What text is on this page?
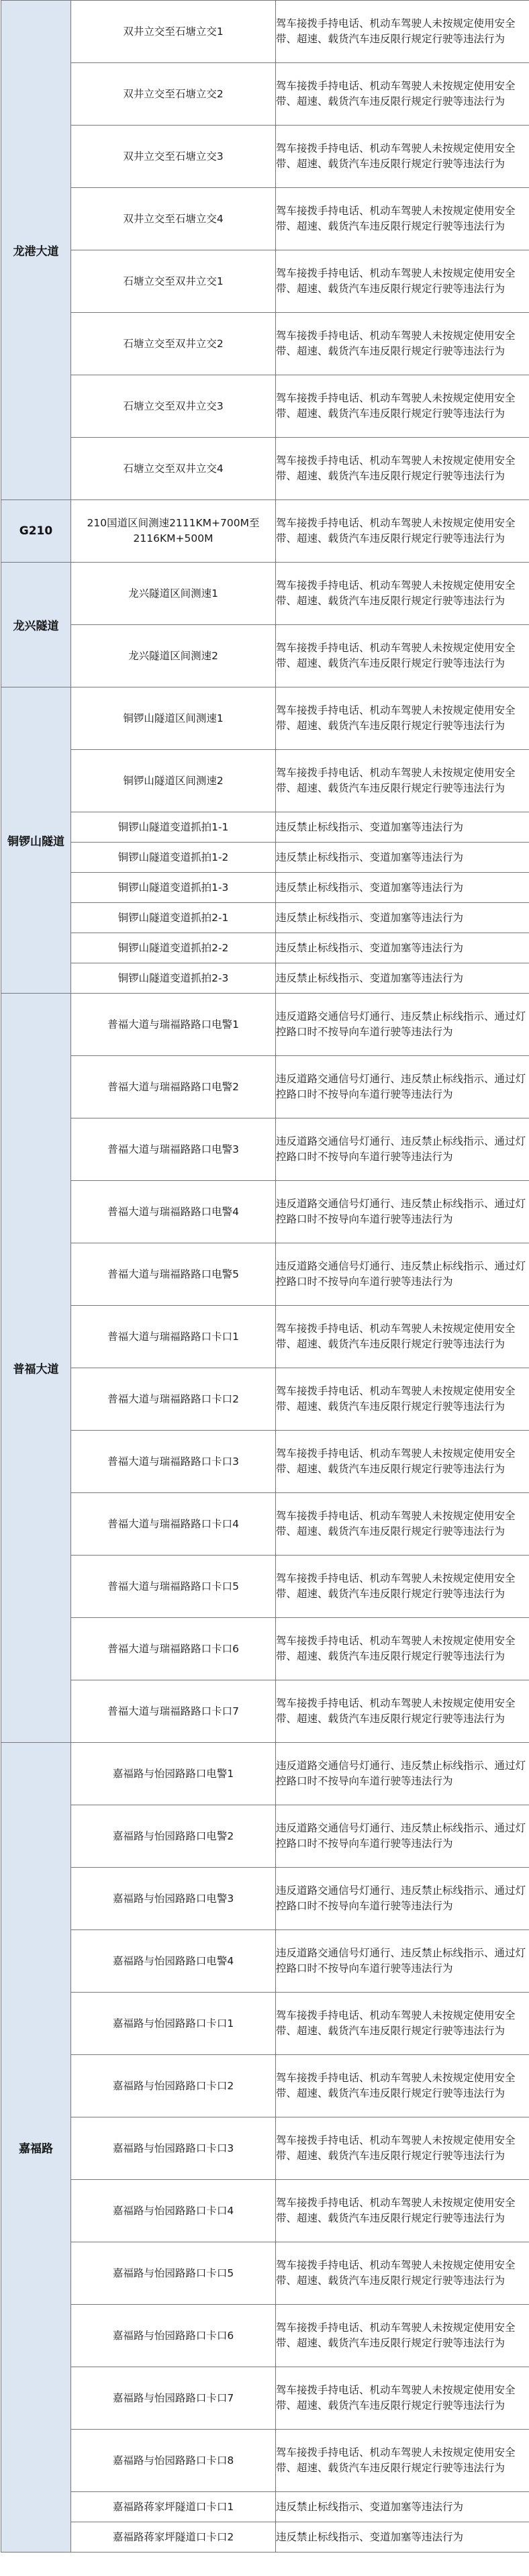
龙港大道	双井立交至石塘立交1	驾车接拨手持电话、机动车驾驶人未按规定使用安全带、超速、载货汽车违反限行规定行驶等违法行为
	双井立交至石塘立交2	驾车接拨手持电话、机动车驾驶人未按规定使用安全带、超速、载货汽车违反限行规定行驶等违法行为
	双井立交至石塘立交3	驾车接拨手持电话、机动车驾驶人未按规定使用安全带、超速、载货汽车违反限行规定行驶等违法行为
	双井立交至石塘立交4	驾车接拨手持电话、机动车驾驶人未按规定使用安全带、超速、载货汽车违反限行规定行驶等违法行为
	石塘立交至双井立交1	驾车接拨手持电话、机动车驾驶人未按规定使用安全带、超速、载货汽车违反限行规定行驶等违法行为
	石塘立交至双井立交2	驾车接拨手持电话、机动车驾驶人未按规定使用安全带、超速、载货汽车违反限行规定行驶等违法行为
	石塘立交至双井立交3	驾车接拨手持电话、机动车驾驶人未按规定使用安全带、超速、载货汽车违反限行规定行驶等违法行为
	石塘立交至双井立交4	驾车接拨手持电话、机动车驾驶人未按规定使用安全带、超速、载货汽车违反限行规定行驶等违法行为
G210	210国道区间测速2111KM+700M至2116KM+500M	驾车接拨手持电话、机动车驾驶人未按规定使用安全带、超速、载货汽车违反限行规定行驶等违法行为
龙兴隧道	龙兴隧道区间测速1	驾车接拨手持电话、机动车驾驶人未按规定使用安全带、超速、载货汽车违反限行规定行驶等违法行为
	龙兴隧道区间测速2	驾车接拨手持电话、机动车驾驶人未按规定使用安全带、超速、载货汽车违反限行规定行驶等违法行为
铜锣山隧道	铜锣山隧道区间测速1	驾车接拨手持电话、机动车驾驶人未按规定使用安全带、超速、载货汽车违反限行规定行驶等违法行为
	铜锣山隧道区间测速2	驾车接拨手持电话、机动车驾驶人未按规定使用安全带、超速、载货汽车违反限行规定行驶等违法行为
	铜锣山隧道变道抓拍1-1	违反禁止标线指示、变道加塞等违法行为
	铜锣山隧道变道抓拍1-2	违反禁止标线指示、变道加塞等违法行为
	铜锣山隧道变道抓拍1-3	违反禁止标线指示、变道加塞等违法行为
	铜锣山隧道变道抓拍2-1	违反禁止标线指示、变道加塞等违法行为
	铜锣山隧道变道抓拍2-2	违反禁止标线指示、变道加塞等违法行为
	铜锣山隧道变道抓拍2-3	违反禁止标线指示、变道加塞等违法行为
普福大道	普福大道与瑞福路路口电警1	违反道路交通信号灯通行、违反禁止标线指示、通过灯控路口时不按导向车道行驶等违法行为
	普福大道与瑞福路路口电警2	违反道路交通信号灯通行、违反禁止标线指示、通过灯控路口时不按导向车道行驶等违法行为
	普福大道与瑞福路路口电警3	违反道路交通信号灯通行、违反禁止标线指示、通过灯控路口时不按导向车道行驶等违法行为
	普福大道与瑞福路路口电警4	违反道路交通信号灯通行、违反禁止标线指示、通过灯控路口时不按导向车道行驶等违法行为
	普福大道与瑞福路路口电警5	违反道路交通信号灯通行、违反禁止标线指示、通过灯控路口时不按导向车道行驶等违法行为
	普福大道与瑞福路路口卡口1	驾车接拨手持电话、机动车驾驶人未按规定使用安全带、超速、载货汽车违反限行规定行驶等违法行为
	普福大道与瑞福路路口卡口2	驾车接拨手持电话、机动车驾驶人未按规定使用安全带、超速、载货汽车违反限行规定行驶等违法行为
	普福大道与瑞福路路口卡口3	驾车接拨手持电话、机动车驾驶人未按规定使用安全带、超速、载货汽车违反限行规定行驶等违法行为
	普福大道与瑞福路路口卡口4	驾车接拨手持电话、机动车驾驶人未按规定使用安全带、超速、载货汽车违反限行规定行驶等违法行为
	普福大道与瑞福路路口卡口5	驾车接拨手持电话、机动车驾驶人未按规定使用安全带、超速、载货汽车违反限行规定行驶等违法行为
	普福大道与瑞福路路口卡口6	驾车接拨手持电话、机动车驾驶人未按规定使用安全带、超速、载货汽车违反限行规定行驶等违法行为
	普福大道与瑞福路路口卡口7	驾车接拨手持电话、机动车驾驶人未按规定使用安全带、超速、载货汽车违反限行规定行驶等违法行为
嘉福路	嘉福路与怡园路路口电警1	违反道路交通信号灯通行、违反禁止标线指示、通过灯控路口时不按导向车道行驶等违法行为
	嘉福路与怡园路路口电警2	违反道路交通信号灯通行、违反禁止标线指示、通过灯控路口时不按导向车道行驶等违法行为
	嘉福路与怡园路路口电警3	违反道路交通信号灯通行、违反禁止标线指示、通过灯控路口时不按导向车道行驶等违法行为
	嘉福路与怡园路路口电警4	违反道路交通信号灯通行、违反禁止标线指示、通过灯控路口时不按导向车道行驶等违法行为
	嘉福路与怡园路路口卡口1	驾车接拨手持电话、机动车驾驶人未按规定使用安全带、超速、载货汽车违反限行规定行驶等违法行为
	嘉福路与怡园路路口卡口2	驾车接拨手持电话、机动车驾驶人未按规定使用安全带、超速、载货汽车违反限行规定行驶等违法行为
	嘉福路与怡园路路口卡口3	驾车接拨手持电话、机动车驾驶人未按规定使用安全带、超速、载货汽车违反限行规定行驶等违法行为
	嘉福路与怡园路路口卡口4	驾车接拨手持电话、机动车驾驶人未按规定使用安全带、超速、载货汽车违反限行规定行驶等违法行为
	嘉福路与怡园路路口卡口5	驾车接拨手持电话、机动车驾驶人未按规定使用安全带、超速、载货汽车违反限行规定行驶等违法行为
	嘉福路与怡园路路口卡口6	驾车接拨手持电话、机动车驾驶人未按规定使用安全带、超速、载货汽车违反限行规定行驶等违法行为
	嘉福路与怡园路路口卡口7	驾车接拨手持电话、机动车驾驶人未按规定使用安全带、超速、载货汽车违反限行规定行驶等违法行为
	嘉福路与怡园路路口卡口8	驾车接拨手持电话、机动车驾驶人未按规定使用安全带、超速、载货汽车违反限行规定行驶等违法行为
	嘉福路蒋家坪隧道口卡口1	违反禁止标线指示、变道加塞等违法行为
	嘉福路蒋家坪隧道口卡口2	违反禁止标线指示、变道加塞等违法行为
